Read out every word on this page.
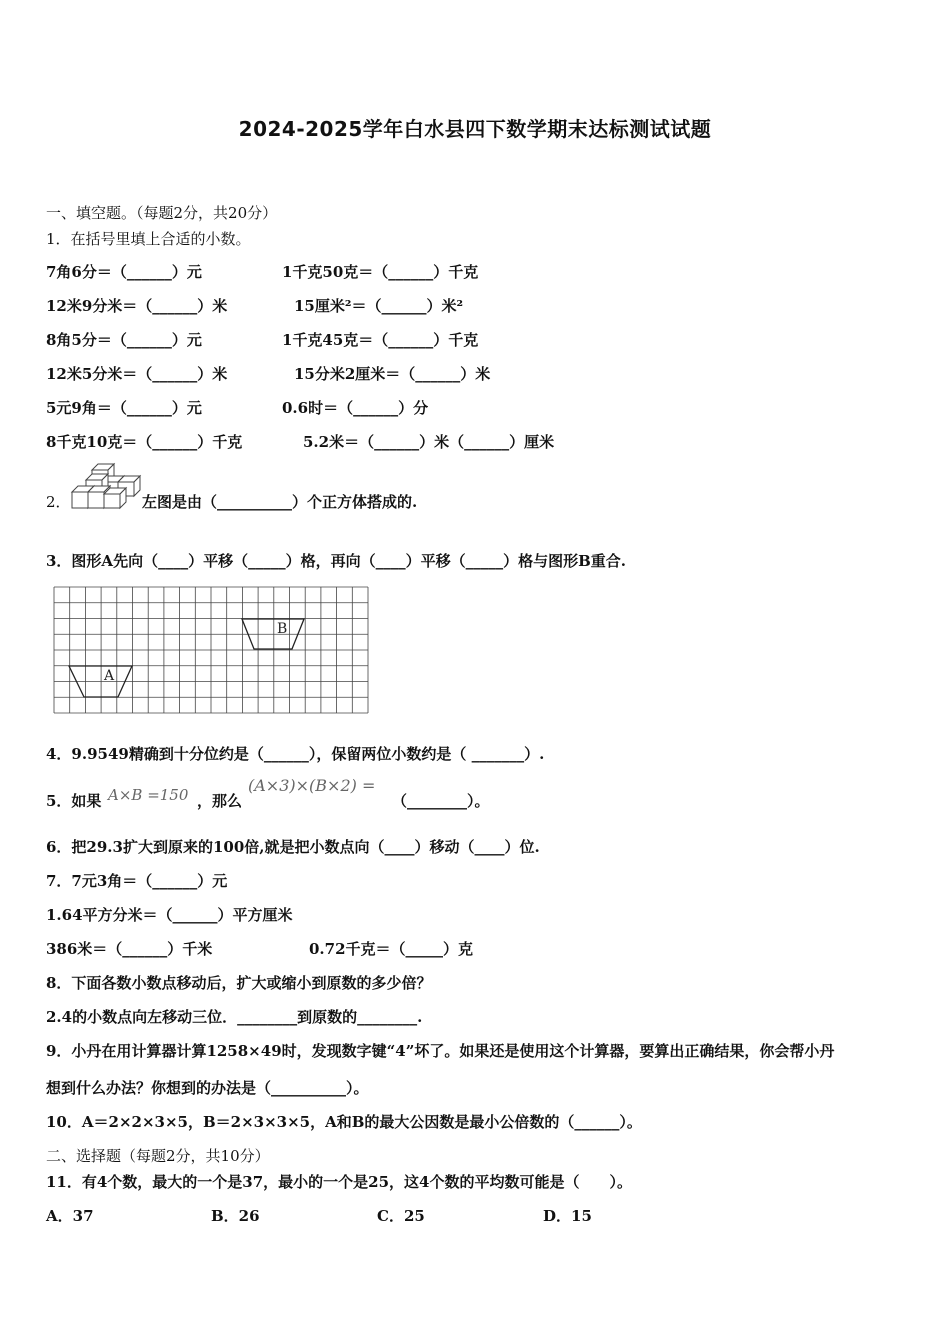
2024-2025学年白水县四下数学期末达标测试试题
一、填空题。（每题2分，共20分）
1．在括号里填上合适的小数。
7角6分＝（______）元	1千克50克＝（______）千克
12米9分米＝（______）米	15厘米²＝（______）米²
8角5分＝（______）元	1千克45克＝（______）千克
12米5分米＝（______）米	15分米2厘米＝（______）米
5元9角＝（______）元	0.6时＝（______）分
8千克10克＝（______）千克	5.2米＝（______）米（______）厘米
2．	左图是由（__________）个正方体搭成的.
3．图形A先向（____）平移（_____）格，再向（____）平移（_____）格与图形B重合.
B
A
4．9.9549精确到十分位约是（______），保留两位小数约是（ _______）.
5．如果 A×B =150 ，那么
(A×3)×(B×2) =
（________）。
6．把29.3扩大到原来的100倍,就是把小数点向（____）移动（____）位.
7．7元3角＝（______）元
1.64平方分米＝（______）平方厘米
386米＝（______）千米	0.72千克＝（_____）克
8．下面各数小数点移动后，扩大或缩小到原数的多少倍？
2.4的小数点向左移动三位．________到原数的________.
9．小丹在用计算器计算1258×49时，发现数字键“4”坏了。如果还是使用这个计算器，要算出正确结果，你会帮小丹
想到什么办法？你想到的办法是（__________）。
10．A＝2×2×3×5，B＝2×3×3×5，A和B的最大公因数是最小公倍数的（______）。
二、选择题（每题2分，共10分）
11．有4个数，最大的一个是37，最小的一个是25，这4个数的平均数可能是（　　）。
A．37	B．26	C．25	D．15
